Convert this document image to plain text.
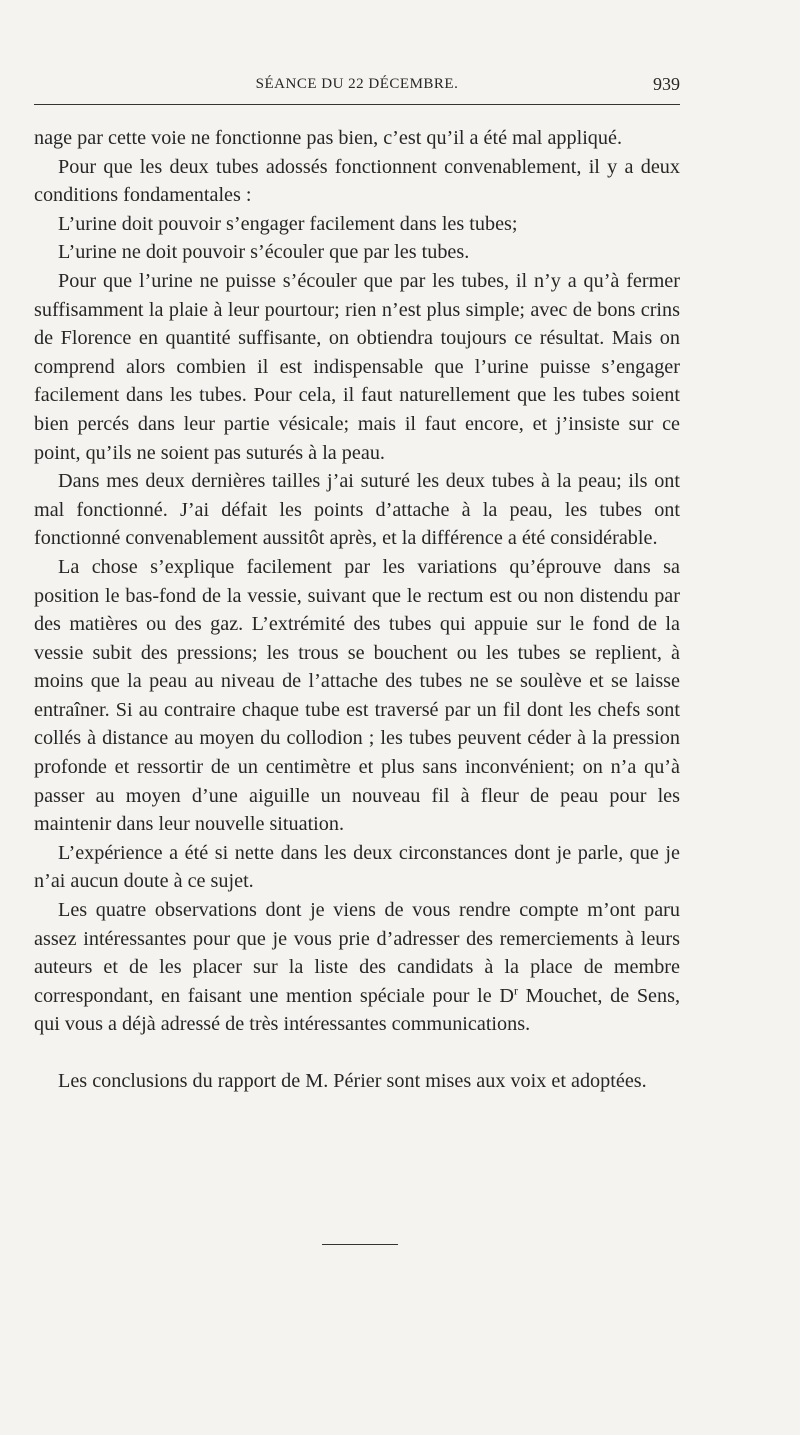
SÉANCE DU 22 DÉCEMBRE.	939

nage par cette voie ne fonctionne pas bien, c’est qu’il a été mal appliqué.

Pour que les deux tubes adossés fonctionnent convenablement, il y a deux conditions fondamentales :

L’urine doit pouvoir s’engager facilement dans les tubes;

L’urine ne doit pouvoir s’écouler que par les tubes.

Pour que l’urine ne puisse s’écouler que par les tubes, il n’y a qu’à fermer suffisamment la plaie à leur pourtour; rien n’est plus simple; avec de bons crins de Florence en quantité suffisante, on obtiendra toujours ce résultat. Mais on comprend alors combien il est indispensable que l’urine puisse s’engager facilement dans les tubes. Pour cela, il faut naturellement que les tubes soient bien percés dans leur partie vésicale; mais il faut encore, et j’insiste sur ce point, qu’ils ne soient pas suturés à la peau.

Dans mes deux dernières tailles j’ai suturé les deux tubes à la peau; ils ont mal fonctionné. J’ai défait les points d’attache à la peau, les tubes ont fonctionné convenablement aussitôt après, et la différence a été considérable.

La chose s’explique facilement par les variations qu’éprouve dans sa position le bas-fond de la vessie, suivant que le rectum est ou non distendu par des matières ou des gaz. L’extrémité des tubes qui appuie sur le fond de la vessie subit des pressions; les trous se bouchent ou les tubes se replient, à moins que la peau au niveau de l’attache des tubes ne se soulève et se laisse entraîner. Si au contraire chaque tube est traversé par un fil dont les chefs sont collés à distance au moyen du collodion ; les tubes peuvent céder à la pression profonde et ressortir de un centimètre et plus sans inconvénient; on n’a qu’à passer au moyen d’une aiguille un nouveau fil à fleur de peau pour les maintenir dans leur nouvelle situation.

L’expérience a été si nette dans les deux circonstances dont je parle, que je n’ai aucun doute à ce sujet.

Les quatre observations dont je viens de vous rendre compte m’ont paru assez intéressantes pour que je vous prie d’adresser des remerciements à leurs auteurs et de les placer sur la liste des candidats à la place de membre correspondant, en faisant une mention spéciale pour le $D^r$ Mouchet, de Sens, qui vous a déjà adressé de très intéressantes communications.

Les conclusions du rapport de M. Périer sont mises aux voix et adoptées.
